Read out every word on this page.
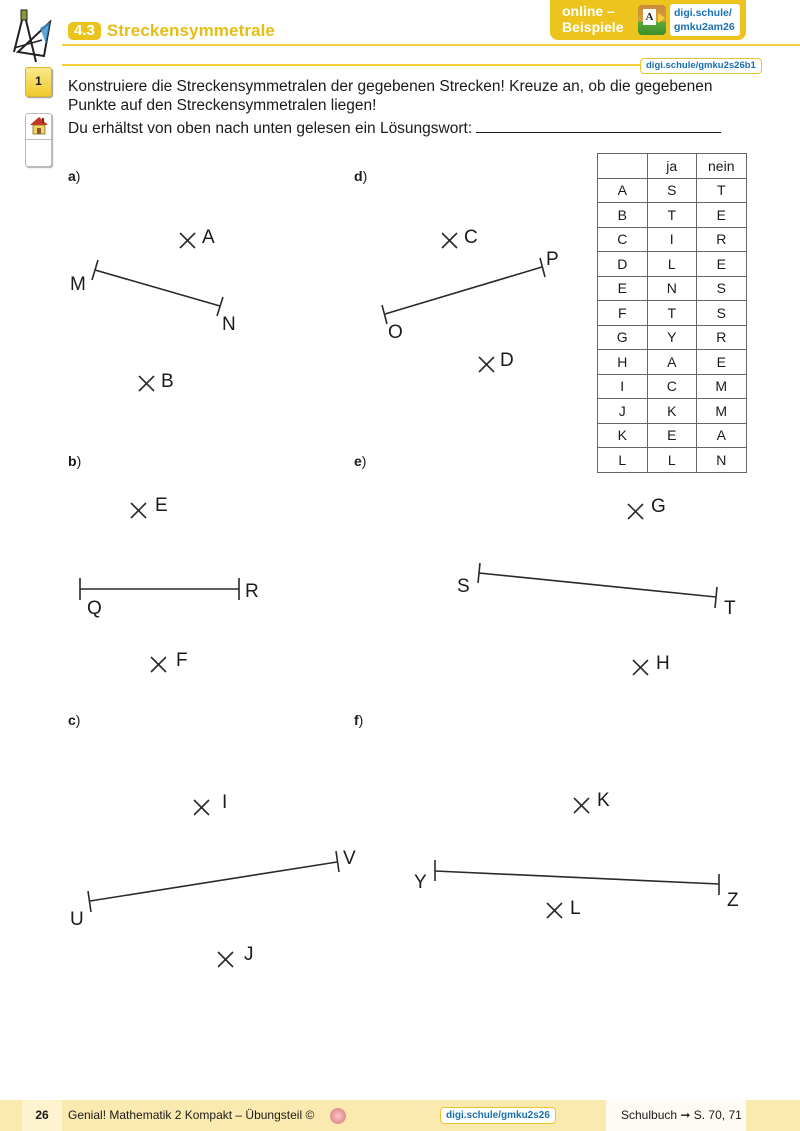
4.3 Streckensymmetrale
online –
Beispiele
A digi.schule/
gmku2am26
digi.schule/gmku2s26b1
1	Konstruiere die Streckensymmetralen der gegebenen Strecken! Kreuze an, ob die gegebenen

Punkte auf den Streckensymmetralen liegen!

Du erhältst von oben nach unten gelesen ein Lösungswort:

a)
b)
c)
d)
e)
f)
	ja	nein
A	S	T
B	T	E
C	I	R
D	L	E
E	N	S
F	T	S
G	Y	R
H	A	E
I	C	M
J	K	M
K	E	A
L	L	N
A
B
M
N
C
D
O
P
E
F
Q
R
G
H
S
T
I
J
U
V
K
L
Y
Z
26	Genial! Mathematik 2 Kompakt – Übungsteil ©	digi.schule/gmku2s26	Schulbuch ➞ S. 70, 71
